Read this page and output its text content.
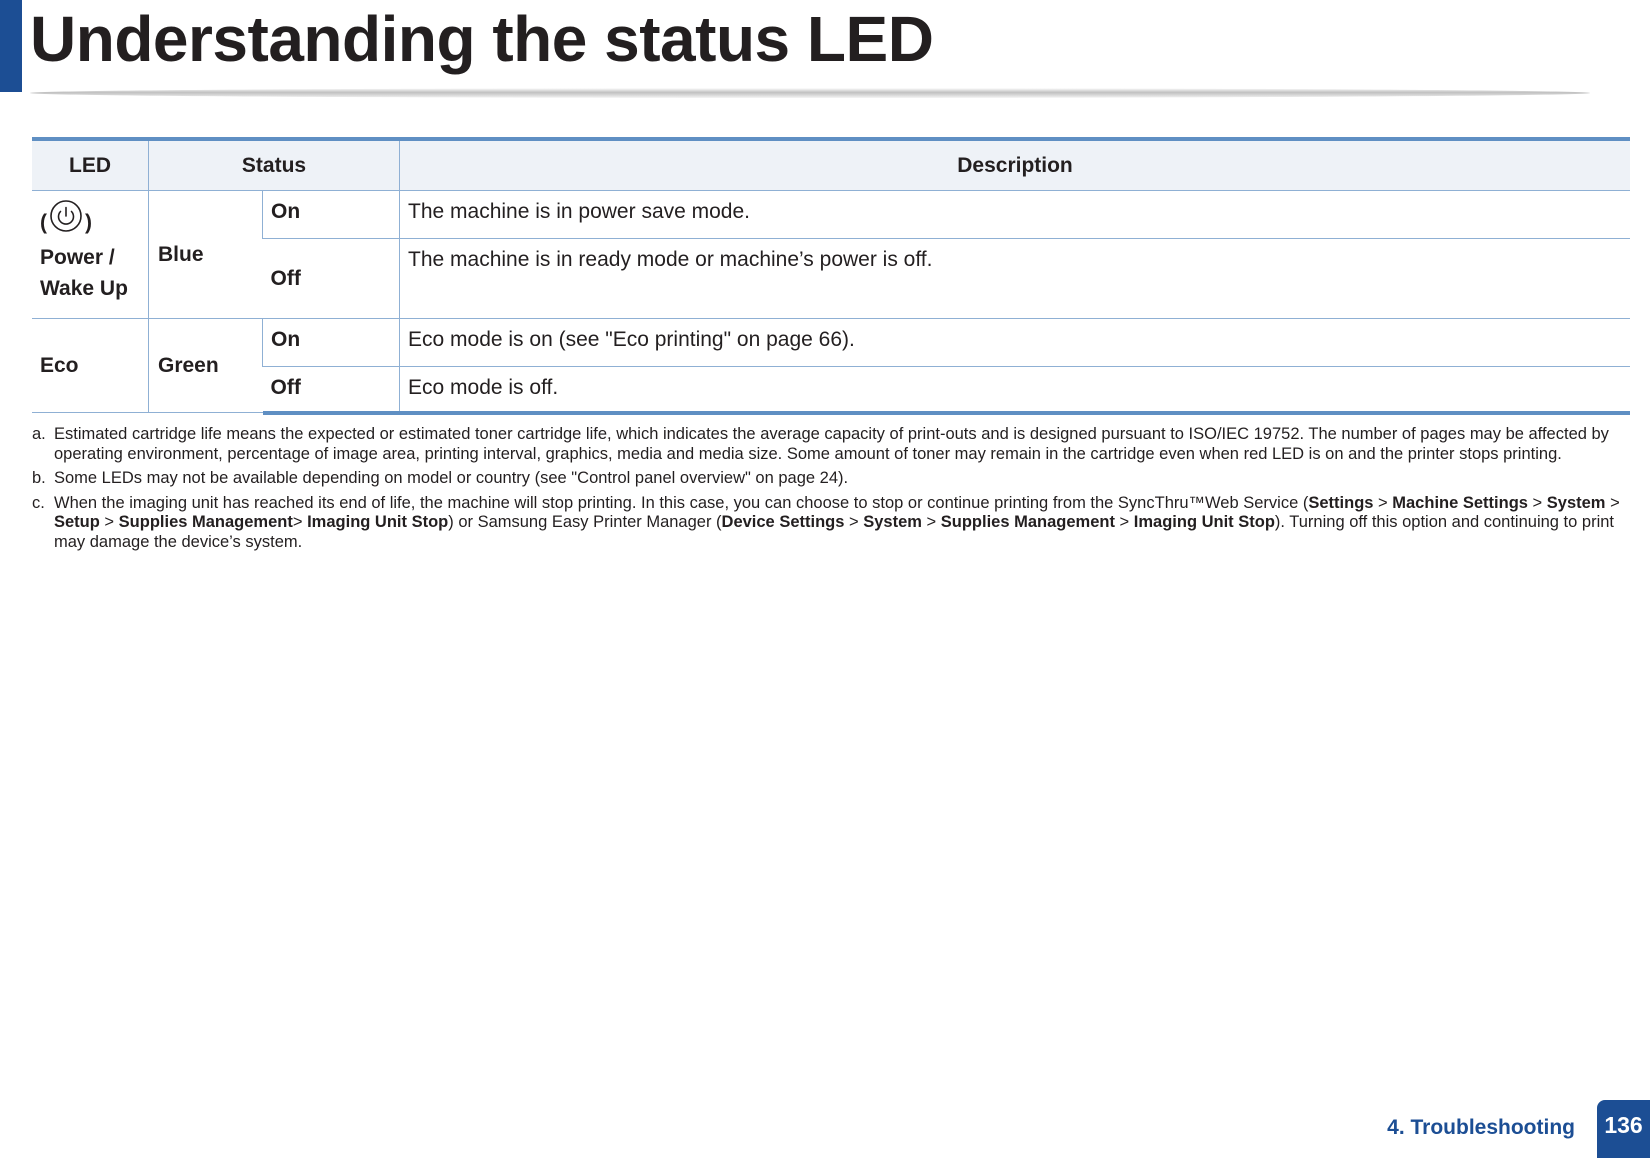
Understanding the status LED
LED	Status		Description
( )
Power /
Wake Up	Blue	On	The machine is in power save mode.
		Off	The machine is in ready mode or machine’s power is off.
Eco	Green	On	Eco mode is on (see "Eco printing" on page 66).
		Off	Eco mode is off.
a. Estimated cartridge life means the expected or estimated toner cartridge life, which indicates the average capacity of print-outs and is designed pursuant to ISO/IEC 19752. The number of pages may be affected by operating environment, percentage of image area, printing interval, graphics, media and media size. Some amount of toner may remain in the cartridge even when red LED is on and the printer stops printing.
b. Some LEDs may not be available depending on model or country (see "Control panel overview" on page 24).
c. When the imaging unit has reached its end of life, the machine will stop printing. In this case, you can choose to stop or continue printing from the SyncThru™Web Service (Settings > Machine Settings > System > Setup > Supplies Management> Imaging Unit Stop) or Samsung Easy Printer Manager (Device Settings > System > Supplies Management > Imaging Unit Stop). Turning off this option and continuing to print may damage the device’s system.
4. Troubleshooting	136
